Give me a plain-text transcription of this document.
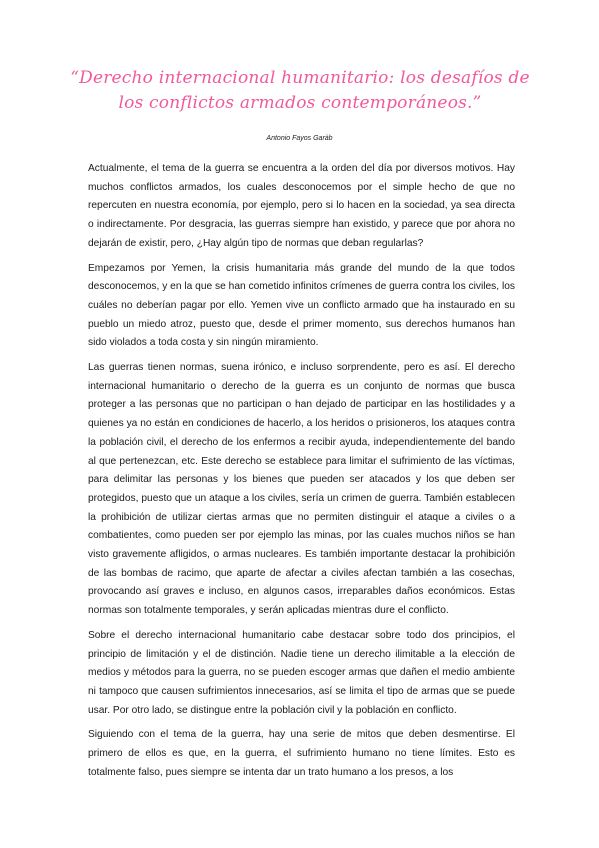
“Derecho internacional humanitario: los desafíos de los conflictos armados contemporáneos.”
Antonio Fayos Garàb

Actualmente, el tema de la guerra se encuentra a la orden del día por diversos motivos. Hay muchos conflictos armados, los cuales desconocemos por el simple hecho de que no repercuten en nuestra economía, por ejemplo, pero si lo hacen en la sociedad, ya sea directa o indirectamente. Por desgracia, las guerras siempre han existido, y parece que por ahora no dejarán de existir, pero, ¿Hay algún tipo de normas que deban regularlas?

Empezamos por Yemen, la crisis humanitaria más grande del mundo de la que todos desconocemos, y en la que se han cometido infinitos crímenes de guerra contra los civiles, los cuáles no deberían pagar por ello. Yemen vive un conflicto armado que ha instaurado en su pueblo un miedo atroz, puesto que, desde el primer momento, sus derechos humanos han sido violados a toda costa y sin ningún miramiento.

Las guerras tienen normas, suena irónico, e incluso sorprendente, pero es así. El derecho internacional humanitario o derecho de la guerra es un conjunto de normas que busca proteger a las personas que no participan o han dejado de participar en las hostilidades y a quienes ya no están en condiciones de hacerlo, a los heridos o prisioneros, los ataques contra la población civil, el derecho de los enfermos a recibir ayuda, independientemente del bando al que pertenezcan, etc. Este derecho se establece para limitar el sufrimiento de las víctimas, para delimitar las personas y los bienes que pueden ser atacados y los que deben ser protegidos, puesto que un ataque a los civiles, sería un crimen de guerra. También establecen la prohibición de utilizar ciertas armas que no permiten distinguir el ataque a civiles o a combatientes, como pueden ser por ejemplo las minas, por las cuales muchos niños se han visto gravemente afligidos, o armas nucleares. Es también importante destacar la prohibición de las bombas de racimo, que aparte de afectar a civiles afectan también a las cosechas, provocando así graves e incluso, en algunos casos, irreparables daños económicos. Estas normas son totalmente temporales, y serán aplicadas mientras dure el conflicto.

Sobre el derecho internacional humanitario cabe destacar sobre todo dos principios, el principio de limitación y el de distinción. Nadie tiene un derecho ilimitable a la elección de medios y métodos para la guerra, no se pueden escoger armas que dañen el medio ambiente ni tampoco que causen sufrimientos innecesarios, así se limita el tipo de armas que se puede usar. Por otro lado, se distingue entre la población civil y la población en conflicto.

Siguiendo con el tema de la guerra, hay una serie de mitos que deben desmentirse. El primero de ellos es que, en la guerra, el sufrimiento humano no tiene límites. Esto es totalmente falso, pues siempre se intenta dar un trato humano a los presos, a los
